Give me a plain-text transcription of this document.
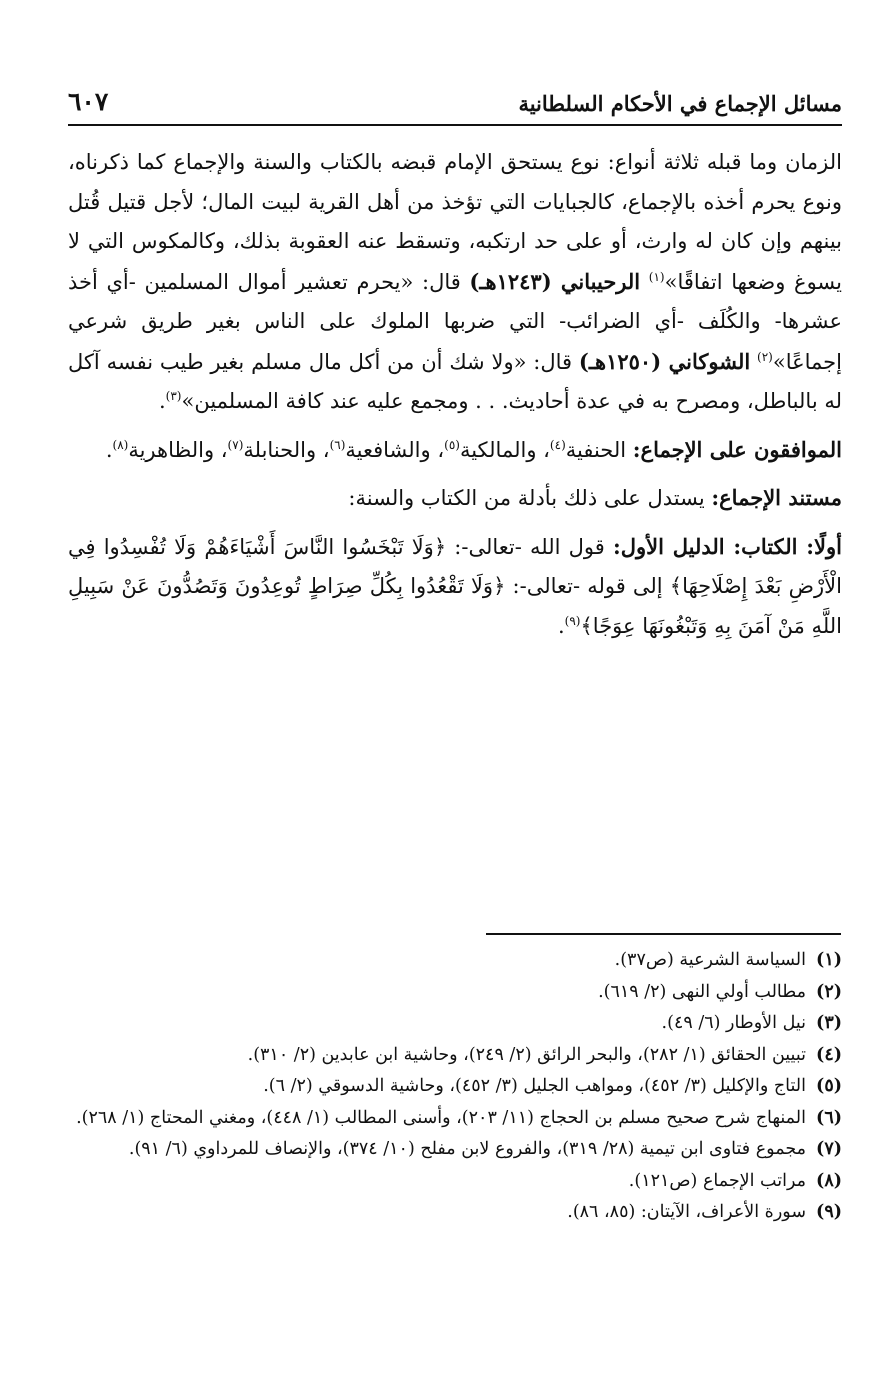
مسائل الإجماع في الأحكام السلطانية
٦٠٧

الزمان وما قبله ثلاثة أنواع: نوع يستحق الإمام قبضه بالكتاب والسنة والإجماع كما ذكرناه، ونوع يحرم أخذه بالإجماع، كالجبايات التي تؤخذ من أهل القرية لبيت المال؛ لأجل قتيل قُتل بينهم وإن كان له وارث، أو على حد ارتكبه، وتسقط عنه العقوبة بذلك، وكالمكوس التي لا يسوغ وضعها اتفاقًا»$^{(١)}$ الرحيباني (١٢٤٣هـ) قال: «يحرم تعشير أموال المسلمين -أي أخذ عشرها- والكُلَف -أي الضرائب- التي ضربها الملوك على الناس بغير طريق شرعي إجماعًا»$^{(٢)}$ الشوكاني (١٢٥٠هـ) قال: «ولا شك أن من أكل مال مسلم بغير طيب نفسه آكل له بالباطل، ومصرح به في عدة أحاديث. . . ومجمع عليه عند كافة المسلمين»$^{(٣)}$.

الموافقون على الإجماع: الحنفية$^{(٤)}$، والمالكية$^{(٥)}$، والشافعية$^{(٦)}$، والحنابلة$^{(٧)}$، والظاهرية$^{(٨)}$.

مستند الإجماع: يستدل على ذلك بأدلة من الكتاب والسنة:

أولًا: الكتاب: الدليل الأول: قول الله -تعالى-: ﴿وَلَا تَبْخَسُوا النَّاسَ أَشْيَاءَهُمْ وَلَا تُفْسِدُوا فِي الْأَرْضِ بَعْدَ إِصْلَاحِهَا﴾ إلى قوله -تعالى-: ﴿وَلَا تَقْعُدُوا بِكُلِّ صِرَاطٍ تُوعِدُونَ وَتَصُدُّونَ عَنْ سَبِيلِ اللَّهِ مَنْ آمَنَ بِهِ وَتَبْغُونَهَا عِوَجًا﴾$^{(٩)}$.

(١)
السياسة الشرعية (ص٣٧).
(٢)
مطالب أولي النهى (٢/ ٦١٩).
(٣)
نيل الأوطار (٦/ ٤٩).
(٤)
تبيين الحقائق (١/ ٢٨٢)، والبحر الرائق (٢/ ٢٤٩)، وحاشية ابن عابدين (٢/ ٣١٠).
(٥)
التاج والإكليل (٣/ ٤٥٢)، ومواهب الجليل (٣/ ٤٥٢)، وحاشية الدسوقي (٢/ ٦).
(٦)
المنهاج شرح صحيح مسلم بن الحجاج (١١/ ٢٠٣)، وأسنى المطالب (١/ ٤٤٨)، ومغني المحتاج (١/ ٢٦٨).
(٧)
مجموع فتاوى ابن تيمية (٢٨/ ٣١٩)، والفروع لابن مفلح (١٠/ ٣٧٤)، والإنصاف للمرداوي (٦/ ٩١).
(٨)
مراتب الإجماع (ص١٢١).
(٩)
سورة الأعراف، الآيتان: (٨٥، ٨٦).
